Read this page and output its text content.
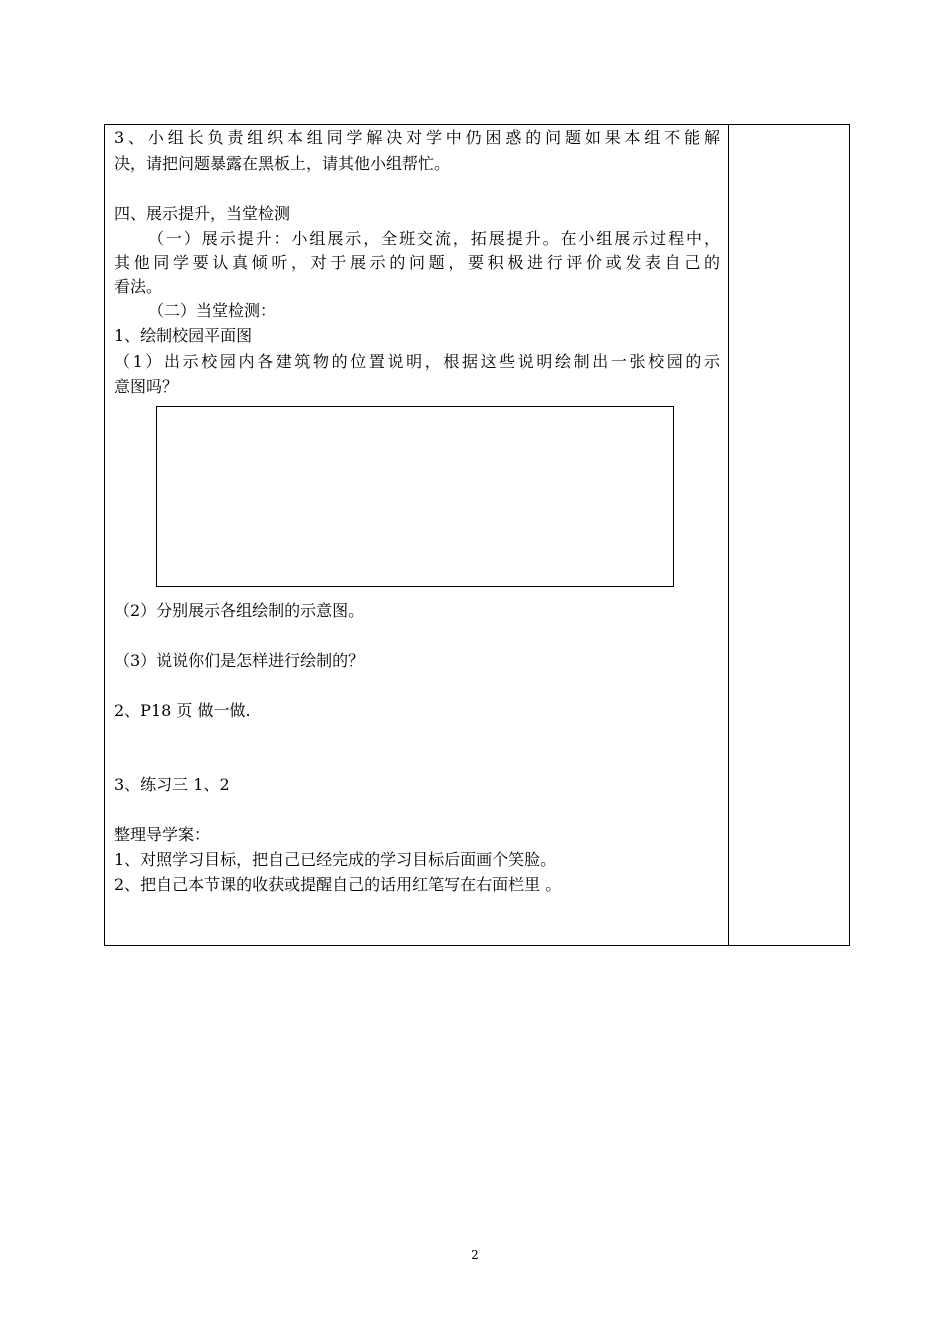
3、小组长负责组织本组同学解决对学中仍困惑的问题如果本组不能解
决，请把问题暴露在黑板上，请其他小组帮忙。
四、展示提升，当堂检测
（一）展示提升：小组展示，全班交流，拓展提升。在小组展示过程中，
其他同学要认真倾听，对于展示的问题，要积极进行评价或发表自己的
看法。
（二）当堂检测：
1、绘制校园平面图
（1）出示校园内各建筑物的位置说明，根据这些说明绘制出一张校园的示
意图吗？
（2）分别展示各组绘制的示意图。
（3）说说你们是怎样进行绘制的？
2、P18 页 做一做.
3、练习三 1、2
整理导学案：
1、对照学习目标，把自己已经完成的学习目标后面画个笑脸。
2、把自己本节课的收获或提醒自己的话用红笔写在右面栏里 。
2
